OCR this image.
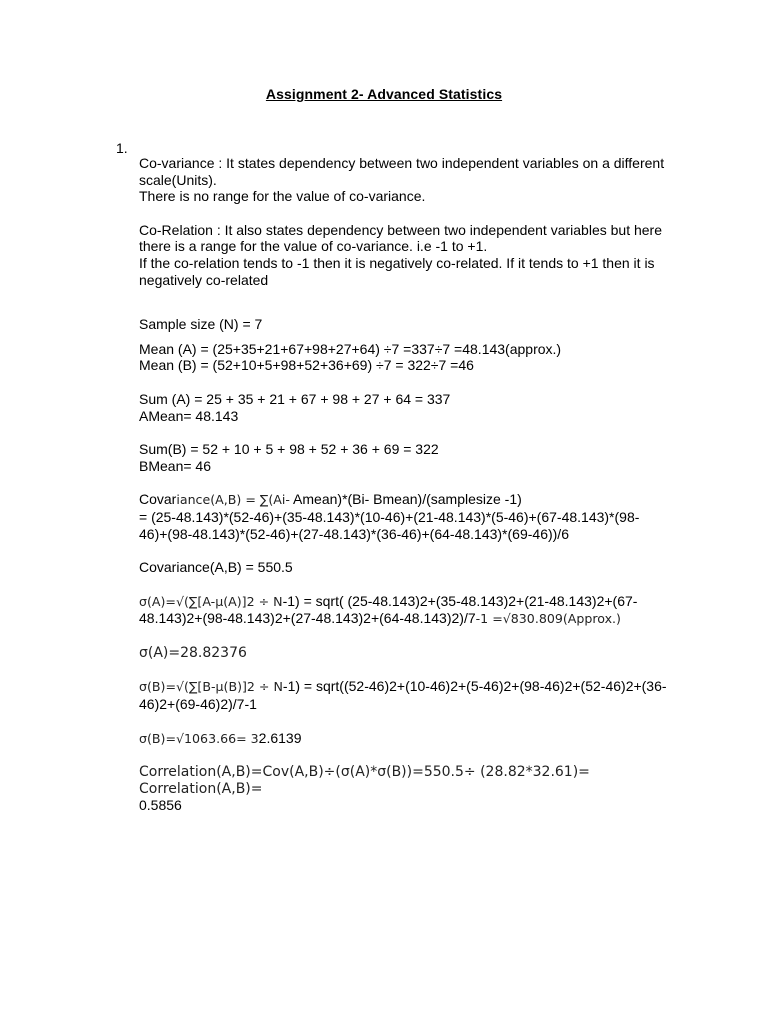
Assignment 2- Advanced Statistics
1.

Co-variance : It states dependency between two independent variables on a different

scale(Units).

There is no range for the value of co-variance.

Co-Relation : It also states dependency between two independent variables but here

there is a range for the value of co-variance. i.e -1 to +1.

If the co-relation tends to -1 then it is negatively co-related. If it tends to +1 then it is

negatively co-related

Sample size (N) = 7

Mean (A) = (25+35+21+67+98+27+64) ÷7 =337÷7 =48.143(approx.)

Mean (B) = (52+10+5+98+52+36+69) ÷7 = 322÷7 =46

Sum (A) = 25 + 35 + 21 + 67 + 98 + 27 + 64 = 337

AMean= 48.143

Sum(B) = 52 + 10 + 5 + 98 + 52 + 36 + 69 = 322

BMean= 46

Covariance(A,B) = ∑(Ai- Amean)*(Bi- Bmean)/(samplesize -1)

= (25-48.143)*(52-46)+(35-48.143)*(10-46)+(21-48.143)*(5-46)+(67-48.143)*(98-

46)+(98-48.143)*(52-46)+(27-48.143)*(36-46)+(64-48.143)*(69-46))/6

Covariance(A,B) = 550.5

σ(A)=√(∑[A-μ(A)]2 ÷ N-1) = sqrt( (25-48.143)2+(35-48.143)2+(21-48.143)2+(67-

48.143)2+(98-48.143)2+(27-48.143)2+(64-48.143)2)/7-1 =√830.809(Approx.)

σ(A)=28.82376

σ(B)=√(∑[B-μ(B)]2 ÷ N-1) = sqrt((52-46)2+(10-46)2+(5-46)2+(98-46)2+(52-46)2+(36-

46)2+(69-46)2)/7-1

σ(B)=√1063.66= 32.6139

Correlation(A,B)=Cov(A,B)÷(σ(A)*σ(B))=550.5÷ (28.82*32.61)= Correlation(A,B)=

0.5856
